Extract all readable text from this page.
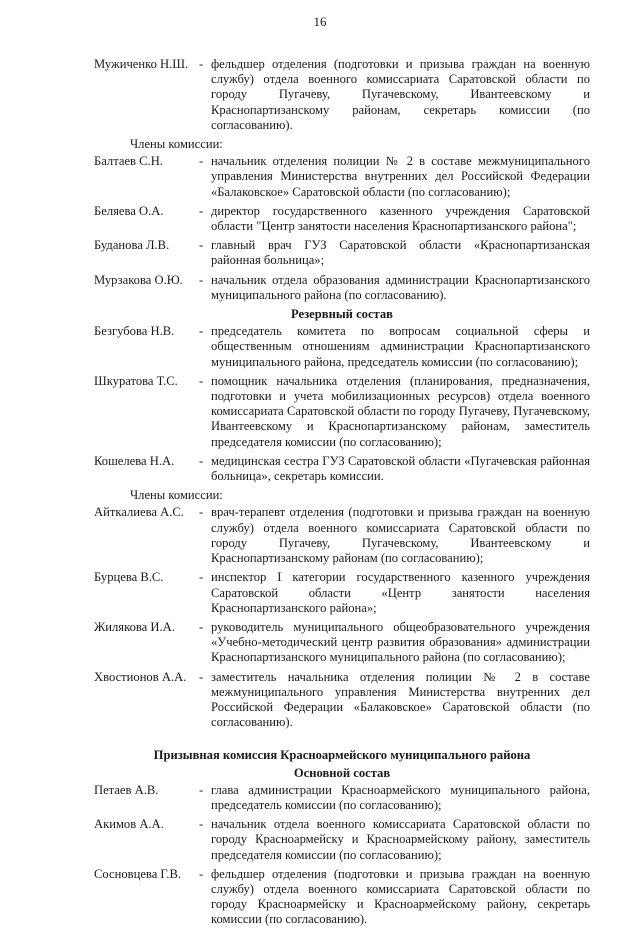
16
Мужиченко Н.Ш. - фельдшер отделения (подготовки и призыва граждан на военную службу) отдела военного комиссариата Саратовской области по городу Пугачеву, Пугачевскому, Ивантеевскому и Краснопартизанскому районам, секретарь комиссии (по согласованию).
Члены комиссии:
Балтаев С.Н.	- начальник отделения полиции № 2 в составе межмуниципального управления Министерства внутренних дел Российской Федерации «Балаковское» Саратовской области (по согласованию);
Беляева О.А.	- директор государственного казенного учреждения Саратовской области "Центр занятости населения Краснопартизанского района";
Буданова Л.В.	- главный врач ГУЗ Саратовской области «Краснопартизанская районная больница»;
Мурзакова О.Ю.	- начальник отдела образования администрации Краснопартизанского муниципального района (по согласованию).
Резервный состав
Безгубова Н.В.	- председатель комитета по вопросам социальной сферы и общественным отношениям администрации Краснопартизанского муниципального района, председатель комиссии (по согласованию);
Шкуратова Т.С.	- помощник начальника отделения (планирования, предназначения, подготовки и учета мобилизационных ресурсов) отдела военного комиссариата Саратовской области по городу Пугачеву, Пугачевскому, Ивантеевскому и Краснопартизанскому районам, заместитель председателя комиссии (по согласованию);
Кошелева Н.А.	- медицинская сестра ГУЗ Саратовской области «Пугачевская районная больница», секретарь комиссии.
Члены комиссии:
Айткалиева А.С.	- врач-терапевт отделения (подготовки и призыва граждан на военную службу) отдела военного комиссариата Саратовской области по городу Пугачеву, Пугачевскому, Ивантеевскому и Краснопартизанскому районам (по согласованию);
Бурцева В.С.	- инспектор I категории государственного казенного учреждения Саратовской области «Центр занятости населения Краснопартизанского района»;
Жилякова И.А.	- руководитель муниципального общеобразовательного учреждения «Учебно-методический центр развития образования» администрации Краснопартизанского муниципального района (по согласованию);
Хвостионов А.А.	- заместитель начальника отделения полиции № 2 в составе межмуниципального управления Министерства внутренних дел Российской Федерации «Балаковское» Саратовской области (по согласованию).
Призывная комиссия Красноармейского муниципального района
Основной состав
Петаев А.В.	- глава администрации Красноармейского муниципального района, председатель комиссии (по согласованию);
Акимов А.А.	- начальник отдела военного комиссариата Саратовской области по городу Красноармейску и Красноармейскому району, заместитель председателя комиссии (по согласованию);
Сосновцева Г.В.	- фельдшер отделения (подготовки и призыва граждан на военную службу) отдела военного комиссариата Саратовской области по городу Красноармейску и Красноармейскому району, секретарь комиссии (по согласованию).
